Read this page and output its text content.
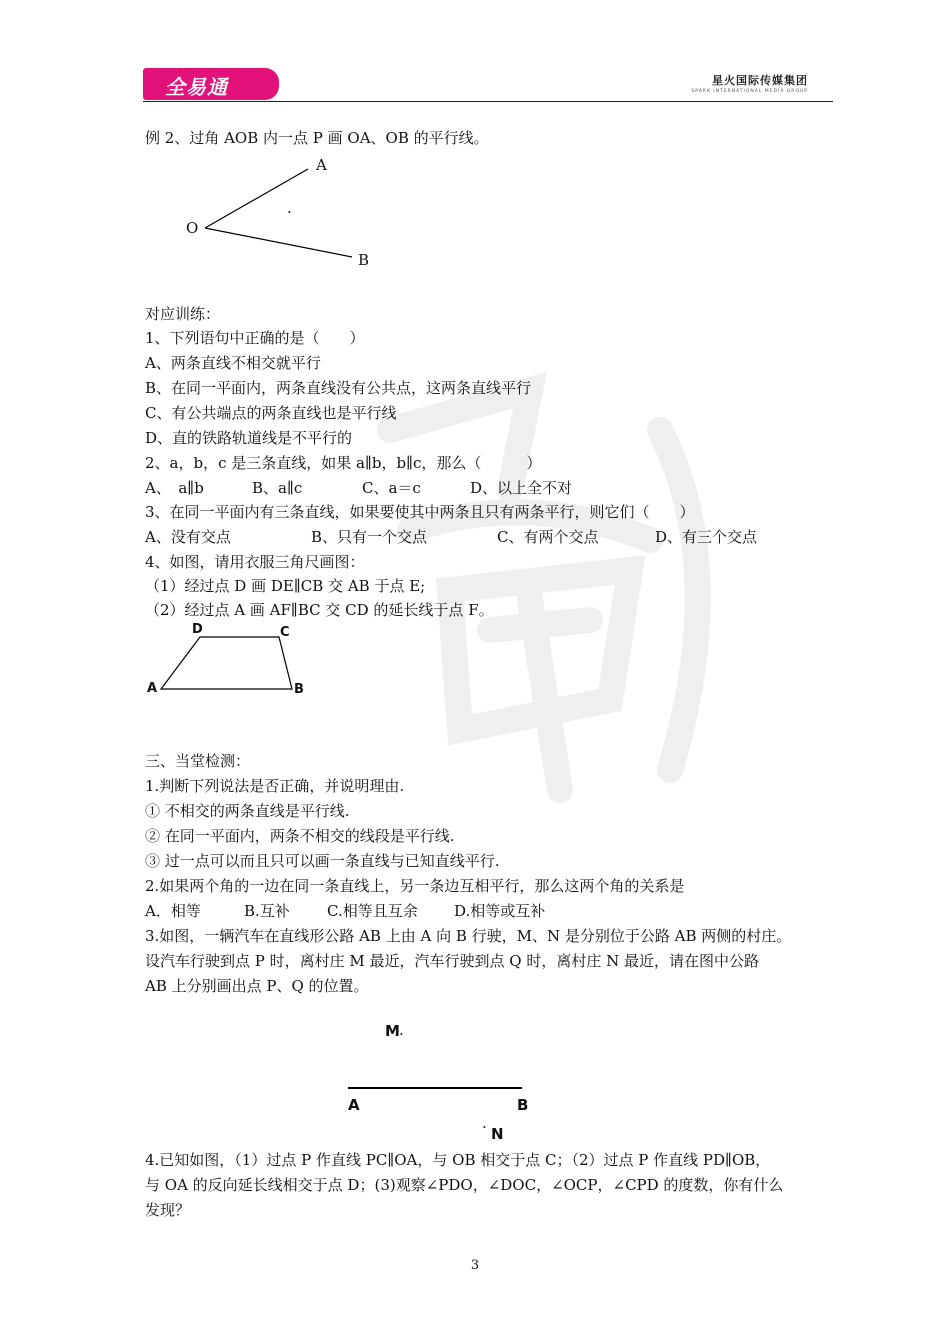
全易通	星火国际传媒集团
SPARK INTERNATIONAL MEDIA GROUP
例 2、过角 AOB 内一点 P 画 OA、OB 的平行线。
A
O
B
.
对应训练：
1、下列语句中正确的是（　　）
A、两条直线不相交就平行
B、在同一平面内，两条直线没有公共点，这两条直线平行
C、有公共端点的两条直线也是平行线
D、直的铁路轨道线是不平行的
2、a，b，c 是三条直线，如果 a∥b，b∥c，那么（　　　）
A、　a∥b	B、a∥c	C、a＝c	D、以上全不对
3、在同一平面内有三条直线，如果要使其中两条且只有两条平行，则它们（　　）
A、没有交点	B、只有一个交点	C、有两个交点	D、有三个交点
4、如图，请用衣服三角尺画图：
（1）经过点 D 画 DE∥CB 交 AB 于点 E;
（2）经过点 A 画 AF∥BC 交 CD 的延长线于点 F。
D	C
A	B
三、当堂检测：
1.判断下列说法是否正确，并说明理由.
① 不相交的两条直线是平行线.
② 在同一平面内，两条不相交的线段是平行线.
③ 过一点可以而且只可以画一条直线与已知直线平行.
2.如果两个角的一边在同一条直线上，另一条边互相平行，那么这两个角的关系是
A．相等	B.互补 C.相等且互余 D.相等或互补
3.如图，一辆汽车在直线形公路 AB 上由 A 向 B 行驶，M、N 是分别位于公路 AB 两侧的村庄。
设汽车行驶到点 P 时，离村庄 M 最近，汽车行驶到点 Q 时，离村庄 N 最近，请在图中公路
AB 上分别画出点 P、Q 的位置。
M .
A	B
· N
4.已知如图，（1）过点 P 作直线 PC∥OA，与 OB 相交于点 C；（2）过点 P 作直线 PD∥OB，
与 OA 的反向延长线相交于点 D；(3)观察∠PDO，∠DOC，∠OCP，∠CPD 的度数，你有什么
发现？
3
